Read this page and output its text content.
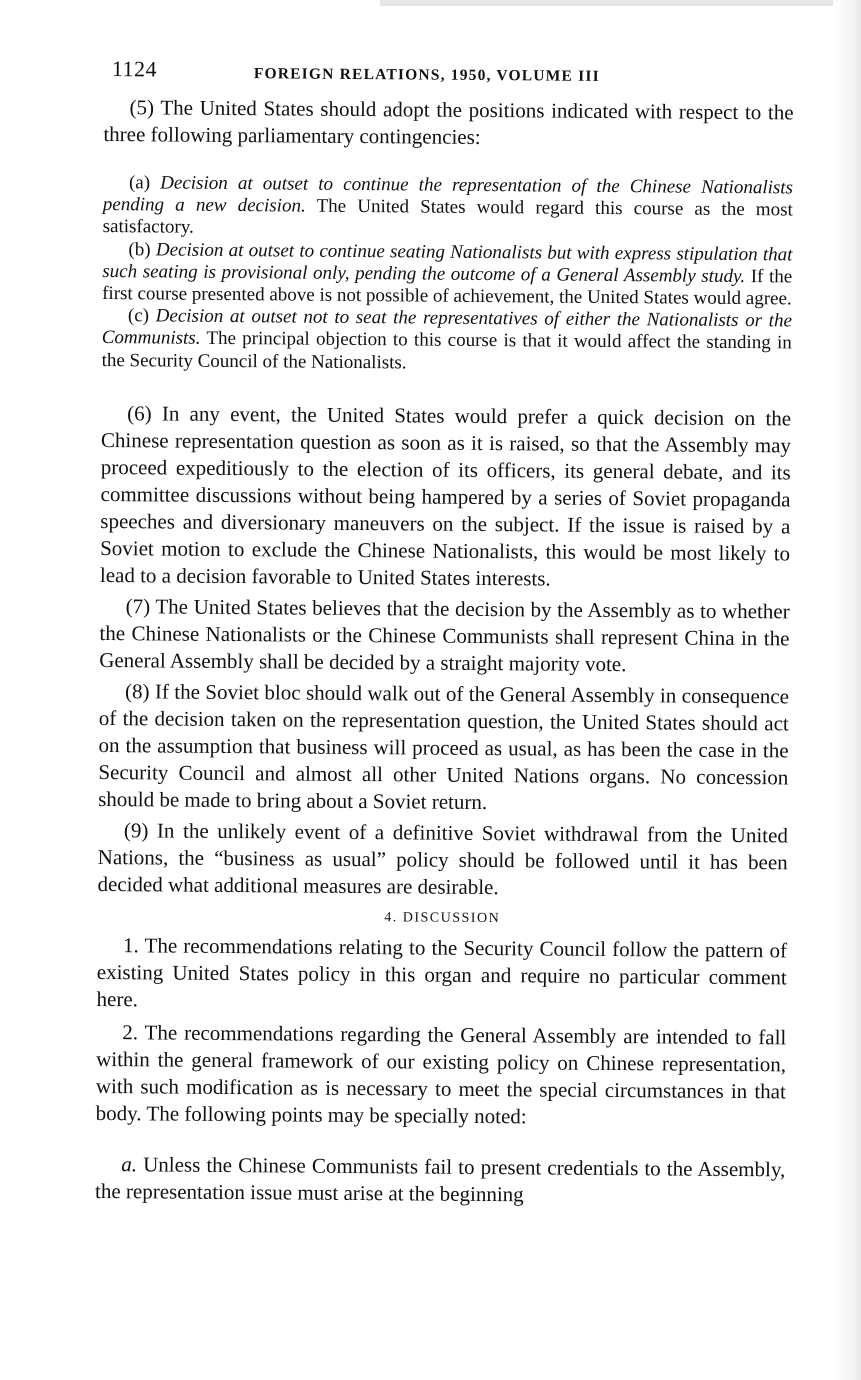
1124	FOREIGN RELATIONS, 1950, VOLUME III

(5) The United States should adopt the positions indicated with respect to the three following parliamentary contingencies:

(a) Decision at outset to continue the representation of the Chinese Nationalists pending a new decision. The United States would regard this course as the most satisfactory.

(b) Decision at outset to continue seating Nationalists but with express stipulation that such seating is provisional only, pending the outcome of a General Assembly study. If the first course presented above is not possible of achievement, the United States would agree.

(c) Decision at outset not to seat the representatives of either the Nationalists or the Communists. The principal objection to this course is that it would affect the standing in the Security Council of the Nationalists.

(6) In any event, the United States would prefer a quick decision on the Chinese representation question as soon as it is raised, so that the Assembly may proceed expeditiously to the election of its officers, its general debate, and its committee discussions without being hampered by a series of Soviet propaganda speeches and diversionary maneuvers on the subject. If the issue is raised by a Soviet motion to exclude the Chinese Nationalists, this would be most likely to lead to a decision favorable to United States interests.

(7) The United States believes that the decision by the Assembly as to whether the Chinese Nationalists or the Chinese Communists shall represent China in the General Assembly shall be decided by a straight majority vote.

(8) If the Soviet bloc should walk out of the General Assembly in consequence of the decision taken on the representation question, the United States should act on the assumption that business will proceed as usual, as has been the case in the Security Council and almost all other United Nations organs. No concession should be made to bring about a Soviet return.

(9) In the unlikely event of a definitive Soviet withdrawal from the United Nations, the “business as usual” policy should be followed until it has been decided what additional measures are desirable.

4. DISCUSSION

1. The recommendations relating to the Security Council follow the pattern of existing United States policy in this organ and require no particular comment here.

2. The recommendations regarding the General Assembly are intended to fall within the general framework of our existing policy on Chinese representation, with such modification as is necessary to meet the special circumstances in that body. The following points may be specially noted:

a. Unless the Chinese Communists fail to present credentials to the Assembly, the representation issue must arise at the beginning
